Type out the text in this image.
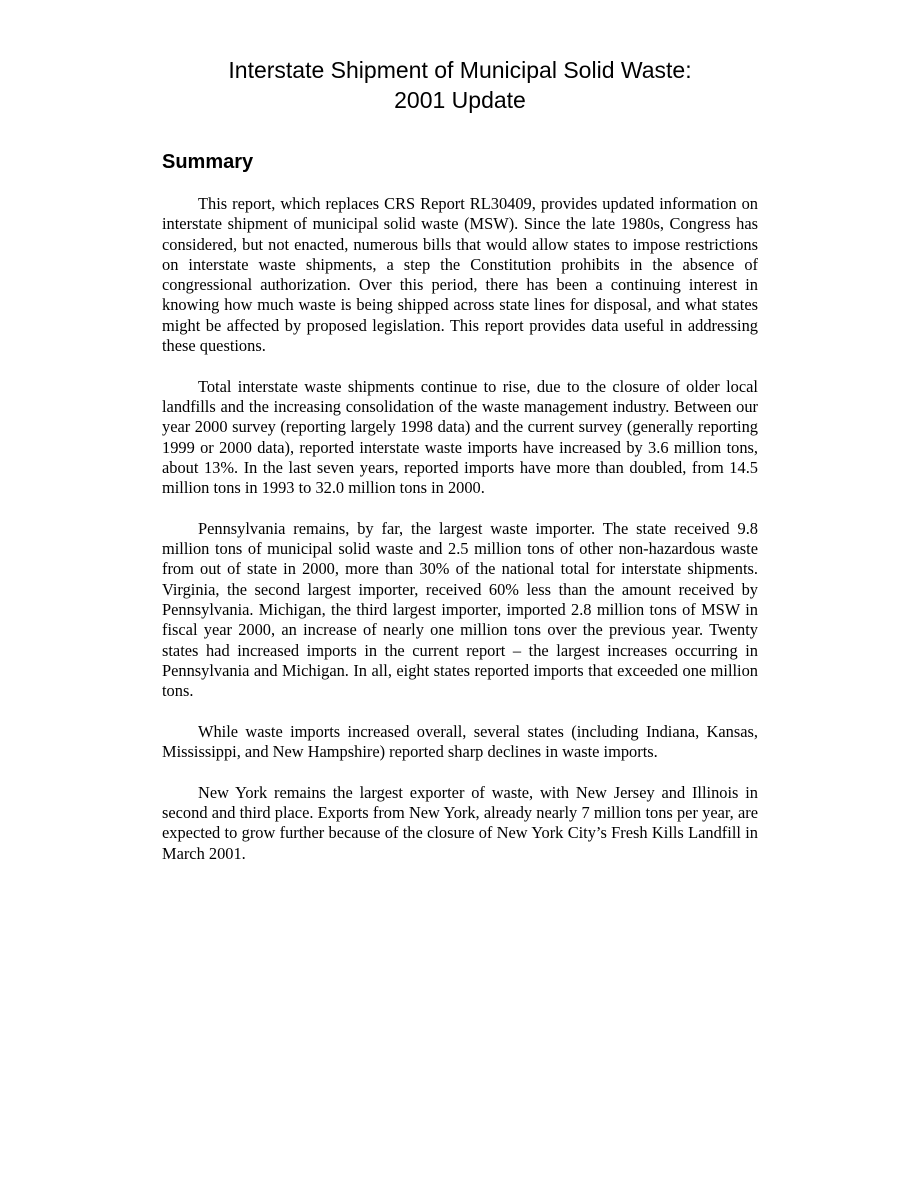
Interstate Shipment of Municipal Solid Waste:
2001 Update
Summary

This report, which replaces CRS Report RL30409, provides updated information on interstate shipment of municipal solid waste (MSW). Since the late 1980s, Congress has considered, but not enacted, numerous bills that would allow states to impose restrictions on interstate waste shipments, a step the Constitution prohibits in the absence of congressional authorization. Over this period, there has been a continuing interest in knowing how much waste is being shipped across state lines for disposal, and what states might be affected by proposed legislation. This report provides data useful in addressing these questions.

Total interstate waste shipments continue to rise, due to the closure of older local landfills and the increasing consolidation of the waste management industry. Between our year 2000 survey (reporting largely 1998 data) and the current survey (generally reporting 1999 or 2000 data), reported interstate waste imports have increased by 3.6 million tons, about 13%. In the last seven years, reported imports have more than doubled, from 14.5 million tons in 1993 to 32.0 million tons in 2000.

Pennsylvania remains, by far, the largest waste importer. The state received 9.8 million tons of municipal solid waste and 2.5 million tons of other non-hazardous waste from out of state in 2000, more than 30% of the national total for interstate shipments. Virginia, the second largest importer, received 60% less than the amount received by Pennsylvania. Michigan, the third largest importer, imported 2.8 million tons of MSW in fiscal year 2000, an increase of nearly one million tons over the previous year. Twenty states had increased imports in the current report – the largest increases occurring in Pennsylvania and Michigan. In all, eight states reported imports that exceeded one million tons.

While waste imports increased overall, several states (including Indiana, Kansas, Mississippi, and New Hampshire) reported sharp declines in waste imports.

New York remains the largest exporter of waste, with New Jersey and Illinois in second and third place. Exports from New York, already nearly 7 million tons per year, are expected to grow further because of the closure of New York City’s Fresh Kills Landfill in March 2001.
